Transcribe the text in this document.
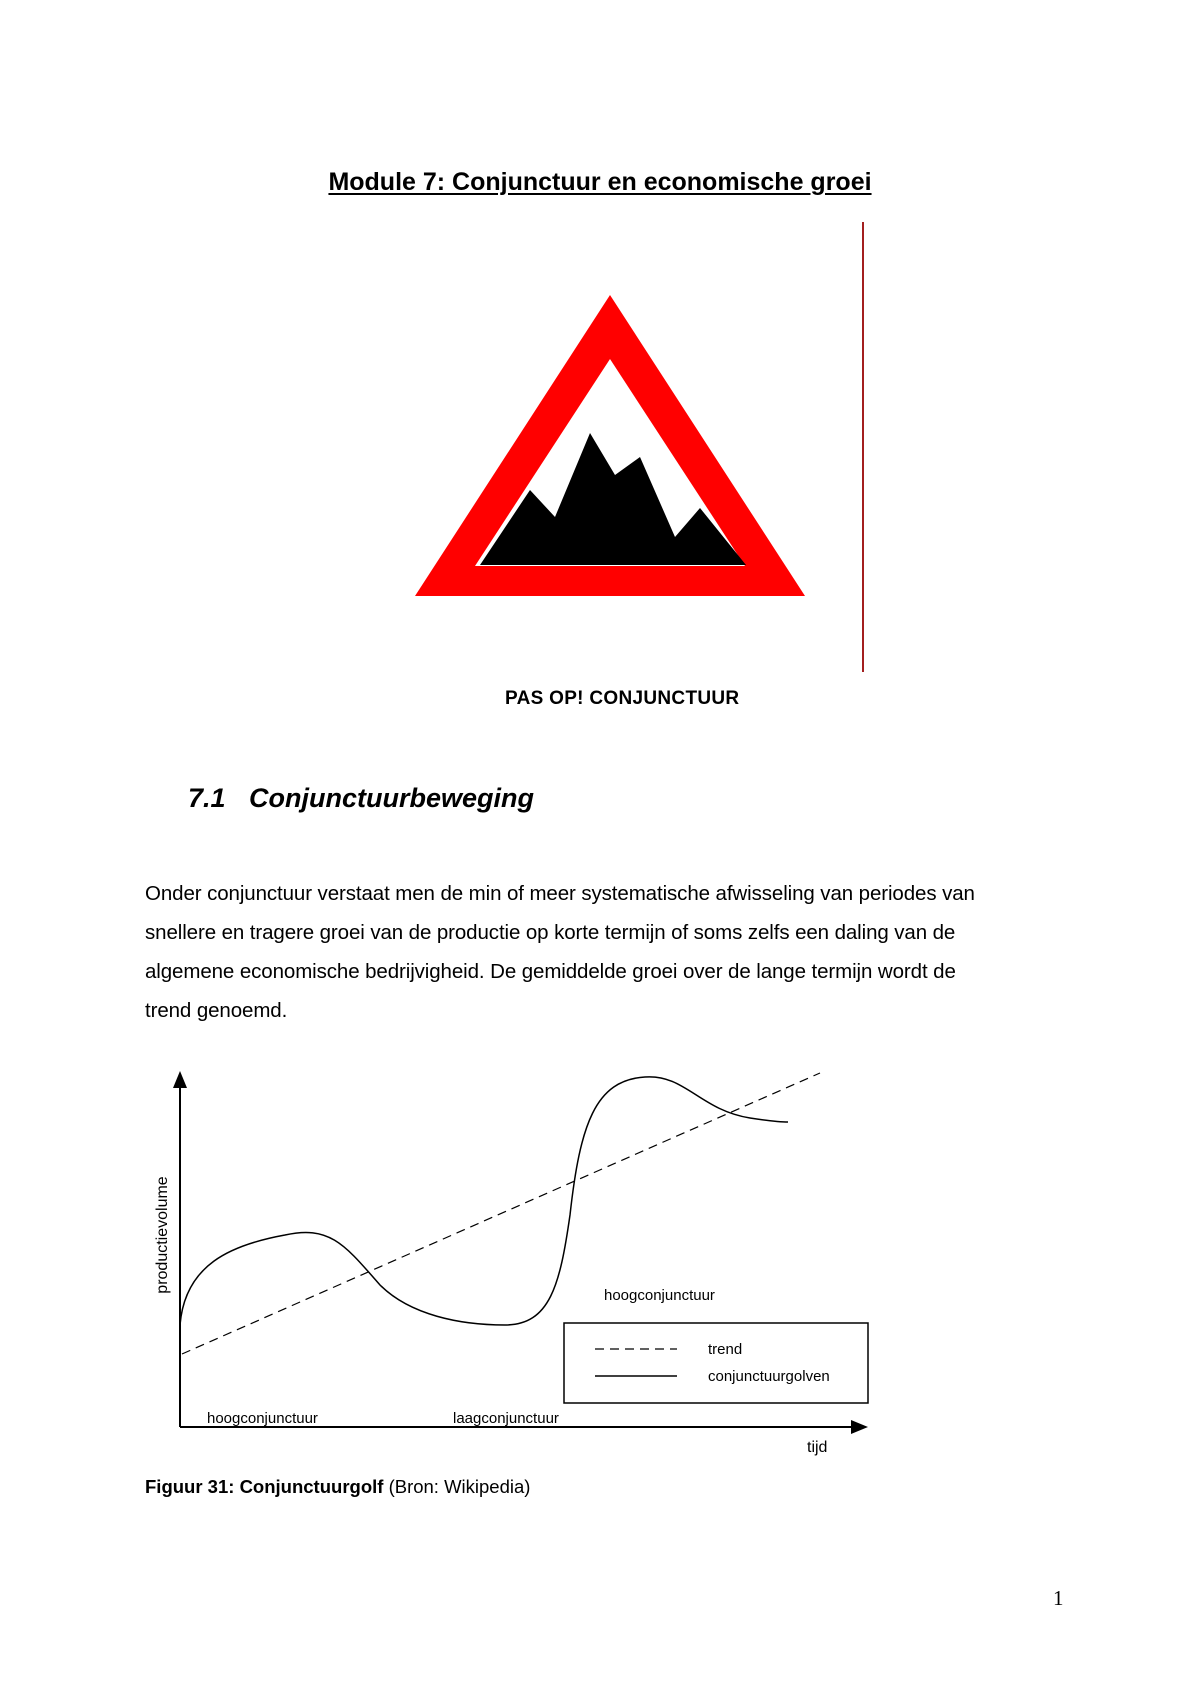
Module 7: Conjunctuur en economische groei
PAS OP! CONJUNCTUUR
7.1 Conjunctuurbeweging
Onder conjunctuur verstaat men de min of meer systematische afwisseling van periodes van
snellere en tragere groei van de productie op korte termijn of soms zelfs een daling van de
algemene economische bedrijvigheid. De gemiddelde groei over de lange termijn wordt de
trend genoemd.
productievolume
tijd
hoogconjunctuur	laagconjunctuur
hoogconjunctuur
trend
conjunctuurgolven
Figuur 31: Conjunctuurgolf (Bron: Wikipedia)
1
